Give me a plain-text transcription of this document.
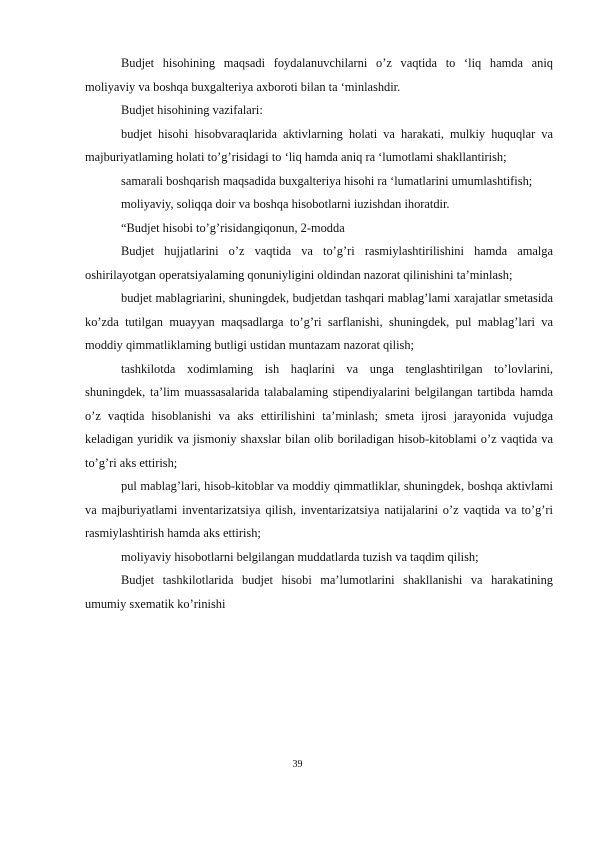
Budjet hisohining maqsadi foydalanuvchilarni o’z vaqtida to ‘liq hamda aniq moliyaviy va boshqa buxgalteriya axboroti bilan ta ‘minlashdir.

Budjet hisohining vazifalari:

budjet hisohi hisobvaraqlarida aktivlarning holati va harakati, mulkiy huquqlar va majburiyatlaming holati to’g’risidagi to ‘liq hamda aniq ra ‘lumotlami shakllantirish;

samarali boshqarish maqsadida buxgalteriya hisohi ra ‘lumatlarini umumlashtifish;

moliyaviy, soliqqa doir va boshqa hisobotlarni iuzishdan ihoratdir.

“Budjet hisobi to’g’risidangiqonun, 2-modda

Budjet hujjatlarini o’z vaqtida va to’g’ri rasmiylashtirilishini hamda amalga oshirilayotgan operatsiyalaming qonuniyligini oldindan nazorat qilinishini ta’minlash;

budjet mablagriarini, shuningdek, budjetdan tashqari mablag’lami xarajatlar smetasida ko’zda tutilgan muayyan maqsadlarga to’g’ri sarflanishi, shuningdek, pul mablag’lari va moddiy qimmatliklaming butligi ustidan muntazam nazorat qilish;

tashkilotda xodimlaming ish haqlarini va unga tenglashtirilgan to’lovlarini, shuningdek, ta’lim muassasalarida talabalaming stipendiyalarini belgilangan tartibda hamda o’z vaqtida hisoblanishi va aks ettirilishini ta’minlash; smeta ijrosi jarayonida vujudga keladigan yuridik va jismoniy shaxslar bilan olib boriladigan hisob-kitoblami o’z vaqtida va to’g’ri aks ettirish;

pul mablag’lari, hisob-kitoblar va moddiy qimmatliklar, shuningdek, boshqa aktivlami va majburiyatlami inventarizatsiya qilish, inventarizatsiya natijalarini o’z vaqtida va to’g’ri rasmiylashtirish hamda aks ettirish;

moliyaviy hisobotlarni belgilangan muddatlarda tuzish va taqdim qilish;

Budjet tashkilotlarida budjet hisobi ma’lumotlarini shakllanishi va harakatining umumiy sxematik ko’rinishi

39
